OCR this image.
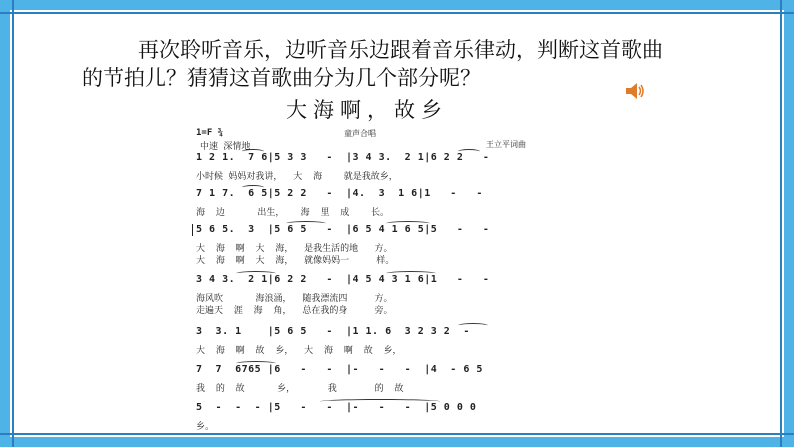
再次聆听音乐，边听音乐边跟着音乐律动，判断这首歌曲
的节拍儿？猜猜这首歌曲分为几个部分呢？
大海啊，故乡
1=F ¾	童声合唱
中速 深情地	王立平词曲
1 2 1.  7 6|5 3 3   -  |3 4 3.  2 1|6 2 2   -
小时候 妈妈对我讲，  大  海    就是我故乡，
7 1 7.  6 5|5 2 2   -  |4.  3  1 6|1   -   -
海  边      出生，   海  里  成    长。
5 6 5.  3  |5 6 5   -  |6 5 4 1 6 5|5   -   -
大  海  啊  大  海，  是我生活的地   方。
大  海  啊  大  海，  就像妈妈一     样。
3 4 3.  2 1|6 2 2   -  |4 5 4 3 1 6|1   -   -
海风吹      海浪涌，  随我漂流四     方。
走遍天  涯  海  角，  总在我的身     旁。
3  3. 1    |5 6 5   -  |1 1. 6  3 2 3 2  -
大  海  啊  故  乡，  大  海  啊  故  乡，
7  7  6765 |6   -   -  |-   -   -  |4  - 6 5
我  的  故      乡，      我       的  故
5  -  -  - |5   -   -  |-   -   -  |5 0 0 0
乡。
